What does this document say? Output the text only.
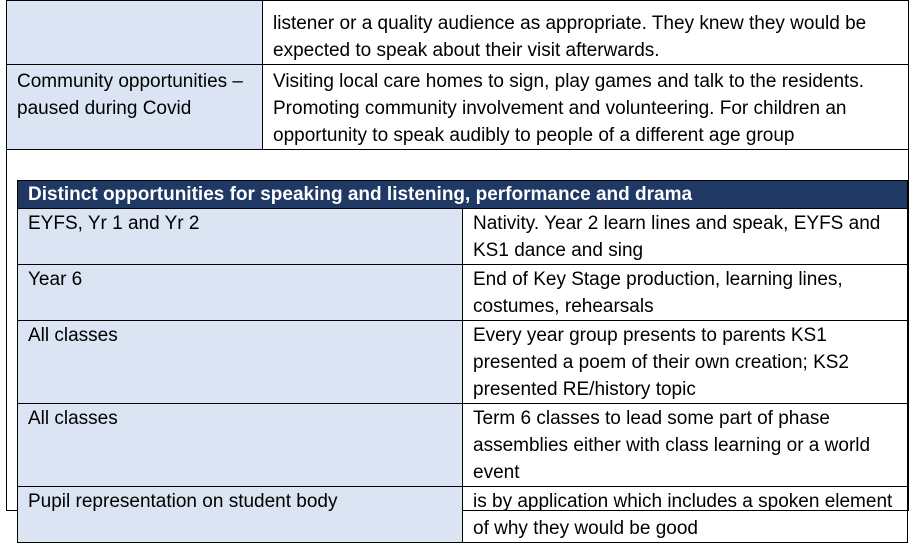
	listener or a quality audience as appropriate. They knew they would be expected to speak about their visit afterwards.
Community opportunities – paused during Covid	Visiting local care homes to sign, play games and talk to the residents. Promoting community involvement and volunteering. For children an opportunity to speak audibly to people of a different age group
Distinct opportunities for speaking and listening, performance and drama	
EYFS, Yr 1 and Yr 2	Nativity. Year 2 learn lines and speak, EYFS and KS1 dance and sing
Year 6	End of Key Stage production, learning lines, costumes, rehearsals
All classes	Every year group presents to parents KS1 presented a poem of their own creation; KS2 presented RE/history topic
All classes	Term 6 classes to lead some part of phase assemblies either with class learning or a world event
Pupil representation on student body	is by application which includes a spoken element of why they would be good
